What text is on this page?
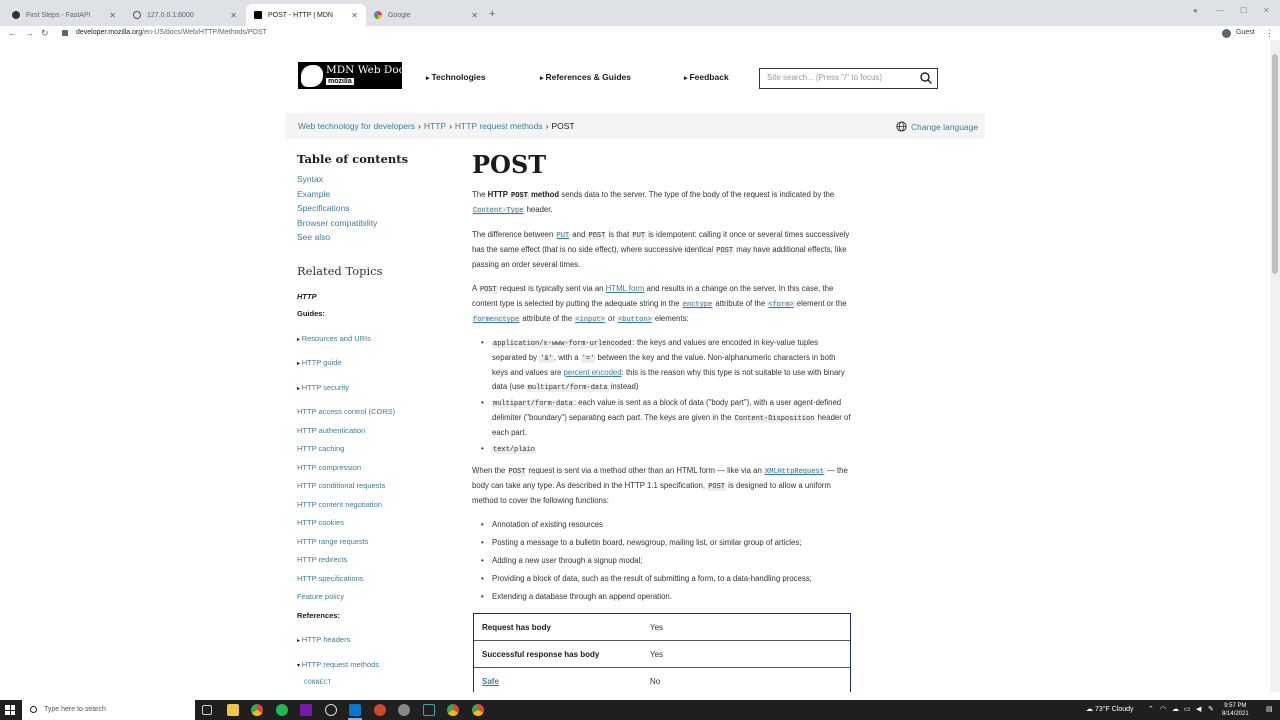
First Steps - FastAPI	✕	127.0.0.1:8000	✕	POST - HTTP | MDN	✕	Google	✕ +	● — ☐ ✕
← → ↻	developer.mozilla.org /en-US/docs/Web/HTTP/Methods/POST	Guest ⋮
MDN Web Docs
mozilla	▸ Technologies	▸ References & Guides	▸ Feedback	Site search... (Press "/" to focus)
Web technology for developers › HTTP › HTTP request methods › POST	Change language
Table of contents
Syntax
Example
Specifications
Browser compatibility
See also
Related Topics
HTTP
Guides:
▸ Resources and URIs
▸ HTTP guide
▸ HTTP security
HTTP access control (CORS)
HTTP authentication
HTTP caching
HTTP compression
HTTP conditional requests
HTTP content negotiation
HTTP cookies
HTTP range requests
HTTP redirects
HTTP specifications
Feature policy
References:
▸ HTTP headers
▾ HTTP request methods
CONNECT
POST

The HTTP POST method sends data to the server. The type of the body of the request is indicated by the Content-Type header.

The difference between PUT and POST is that PUT is idempotent: calling it once or several times successively has the same effect (that is no side effect), where successive identical POST may have additional effects, like passing an order several times.

A POST request is typically sent via an HTML form and results in a change on the server. In this case, the content type is selected by putting the adequate string in the enctype attribute of the <form> element or the formenctype attribute of the <input> or <button> elements:

• application/x-www-form-urlencoded: the keys and values are encoded in key-value tuples separated by '&', with a '=' between the key and the value. Non-alphanumeric characters in both keys and values are percent encoded: this is the reason why this type is not suitable to use with binary data (use multipart/form-data instead)
• multipart/form-data: each value is sent as a block of data ("body part"), with a user agent-defined delimiter ("boundary") separating each part. The keys are given in the Content-Disposition header of each part.
• text/plain

When the POST request is sent via a method other than an HTML form — like via an XMLHttpRequest — the body can take any type. As described in the HTTP 1.1 specification, POST is designed to allow a uniform method to cover the following functions:

• Annotation of existing resources
• Posting a message to a bulletin board, newsgroup, mailing list, or similar group of articles;
• Adding a new user through a signup modal;
• Providing a block of data, such as the result of submitting a form, to a data-handling process;
• Extending a database through an append operation.
Request has body	Yes
Successful response has body	Yes
Safe	No
Type here to search	☁ 73°F Cloudy ⌃ ◠ ☁ ▭ ◀ ✎	9:57 PM
8/14/2021
▤
